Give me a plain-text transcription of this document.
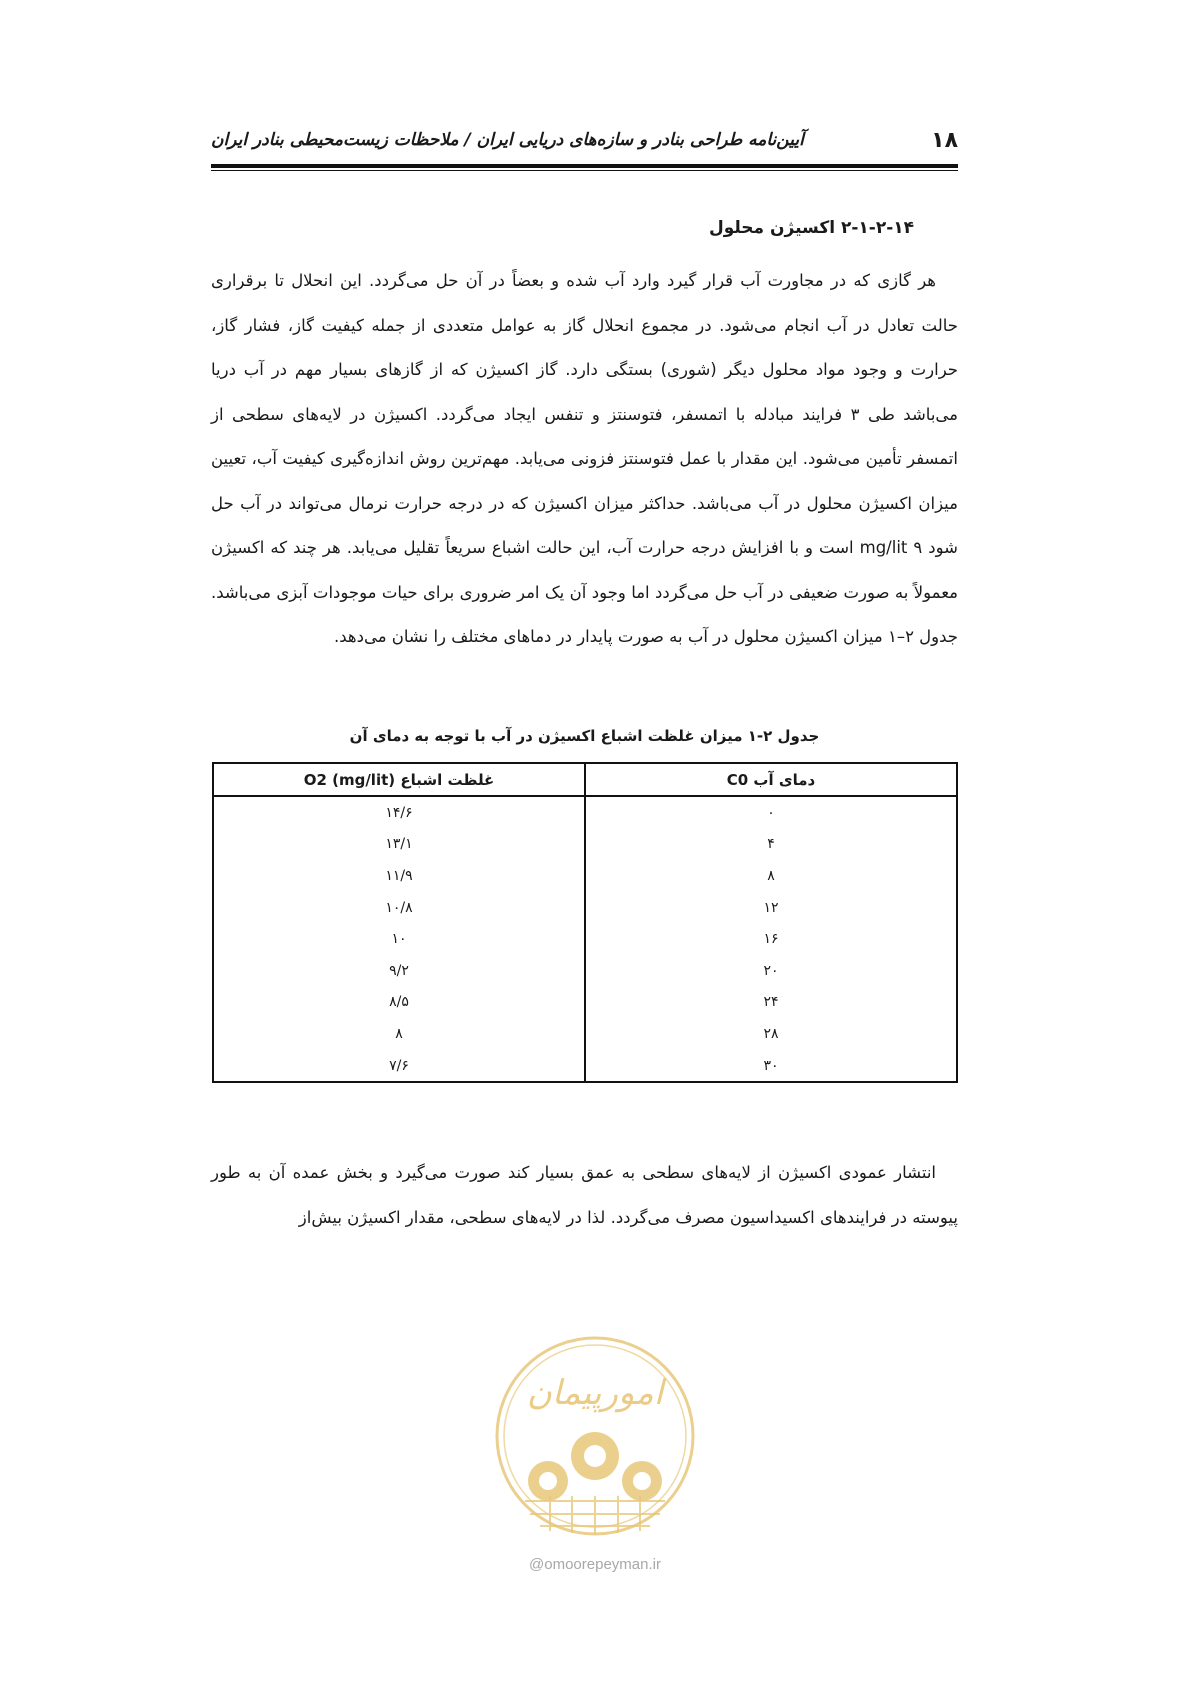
۱۸
آیین‌نامه طراحی بنادر و سازه‌های دریایی ایران / ملاحظات زیست‌محیطی بنادر ایران
۲-۱-۲-۱۴ اکسیژن محلول

هر گازی که در مجاورت آب قرار گیرد وارد آب شده و بعضاً در آن حل می‌گردد. این انحلال تا برقراری حالت تعادل در آب انجام می‌شود. در مجموع انحلال گاز به عوامل متعددی از جمله کیفیت گاز، فشار گاز، حرارت و وجود مواد محلول دیگر (شوری) بستگی دارد. گاز اکسیژن که از گازهای بسیار مهم در آب دریا می‌باشد طی ۳ فرایند مبادله با اتمسفر، فتوسنتز و تنفس ایجاد می‌گردد. اکسیژن در لایه‌های سطحی از اتمسفر تأمین می‌شود. این مقدار با عمل فتوسنتز فزونی می‌یابد. مهم‌ترین روش اندازه‌گیری کیفیت آب، تعیین میزان اکسیژن محلول در آب می‌باشد. حداکثر میزان اکسیژن که در درجه حرارت نرمال می‌تواند در آب حل شود mg/lit ۹ است و با افزایش درجه حرارت آب، این حالت اشباع سریعاً تقلیل می‌یابد. هر چند که اکسیژن معمولاً به صورت ضعیفی در آب حل می‌گردد اما وجود آن یک امر ضروری برای حیات موجودات آبزی می‌باشد. جدول ۲–۱ میزان اکسیژن محلول در آب به صورت پایدار در دماهای مختلف را نشان می‌دهد.

جدول ۲-۱ میزان غلظت اشباع اکسیژن در آب با توجه به دمای آن
دمای آب C0	غلظت اشباع O2 (mg/lit)
۰	۱۴/۶
۴	۱۳/۱
۸	۱۱/۹
۱۲	۱۰/۸
۱۶	۱۰
۲۰	۹/۲
۲۴	۸/۵
۲۸	۸
۳۰	۷/۶

انتشار عمودی اکسیژن از لایه‌های سطحی به عمق بسیار کند صورت می‌گیرد و بخش عمده آن به طور پیوسته در فرایندهای اکسیداسیون مصرف می‌گردد. لذا در لایه‌های سطحی، مقدار اکسیژن بیش‌از

امورپیمان
@omoorepeyman.ir
